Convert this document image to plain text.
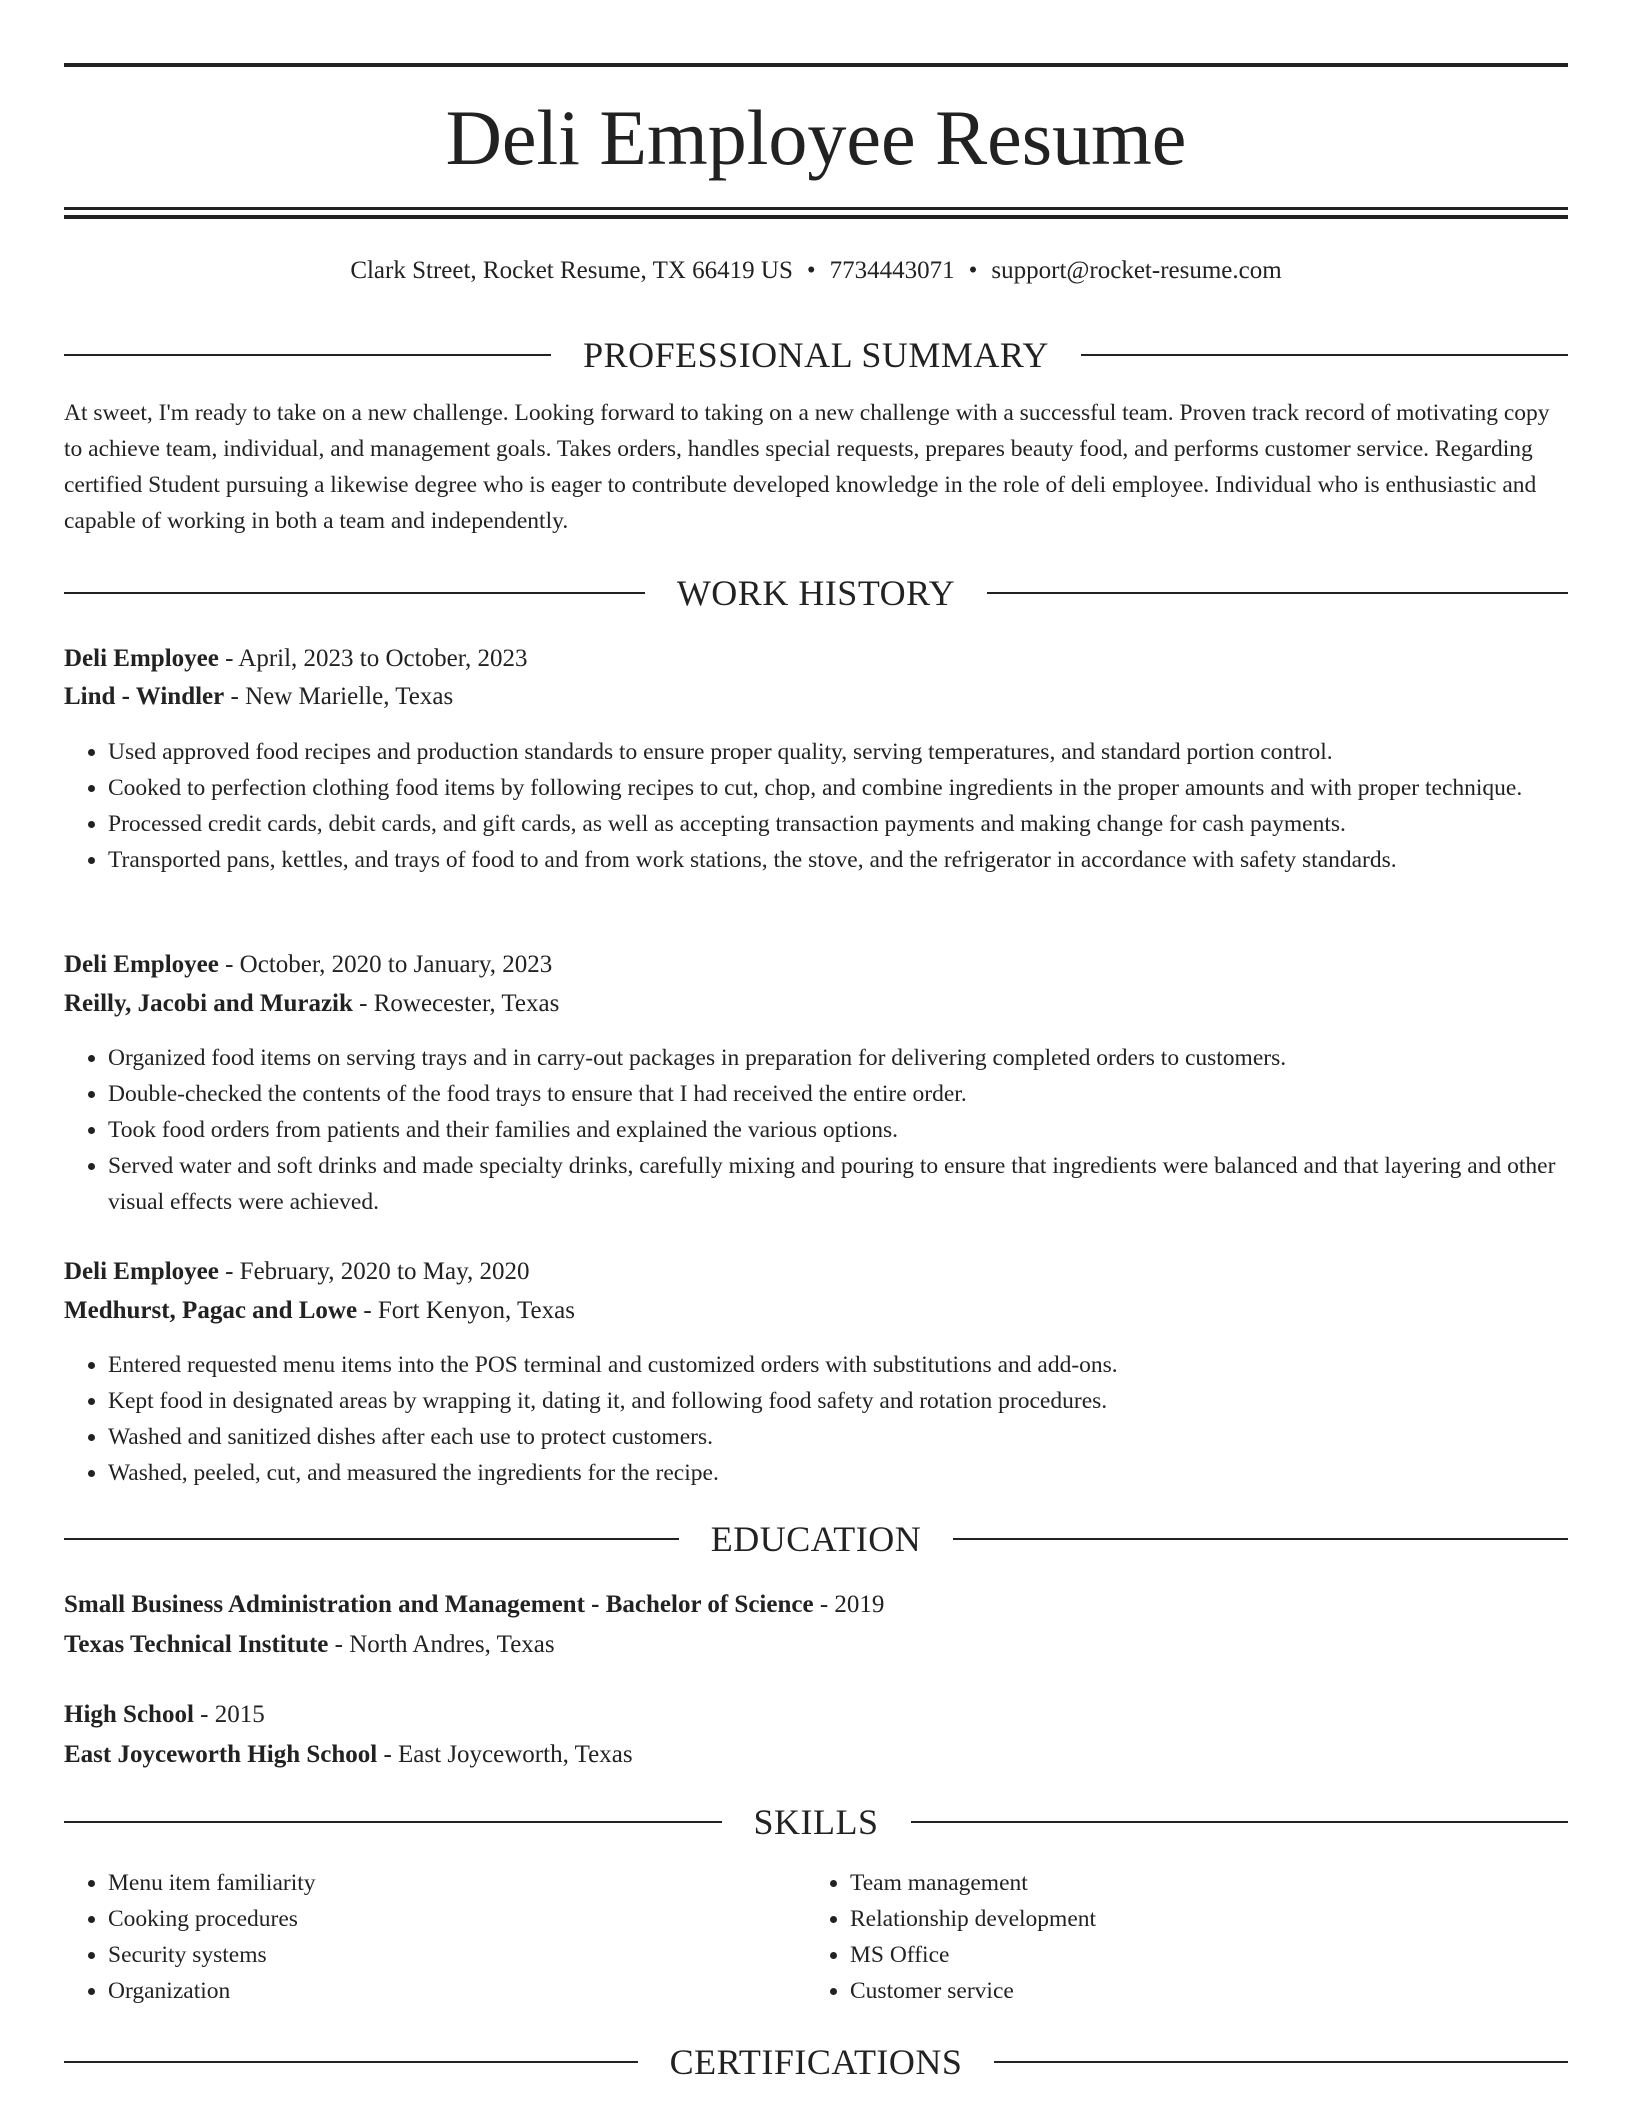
Deli Employee Resume
Clark Street, Rocket Resume, TX 66419 US • 7734443071 • support@rocket-resume.com
PROFESSIONAL SUMMARY

At sweet, I'm ready to take on a new challenge. Looking forward to taking on a new challenge with a successful team. Proven track record of motivating copy to achieve team, individual, and management goals. Takes orders, handles special requests, prepares beauty food, and performs customer service. Regarding certified Student pursuing a likewise degree who is eager to contribute developed knowledge in the role of deli employee. Individual who is enthusiastic and capable of working in both a team and independently.

WORK HISTORY
Deli Employee - April, 2023 to October, 2023
Lind - Windler - New Marielle, Texas
• Used approved food recipes and production standards to ensure proper quality, serving temperatures, and standard portion control.
• Cooked to perfection clothing food items by following recipes to cut, chop, and combine ingredients in the proper amounts and with proper technique.
• Processed credit cards, debit cards, and gift cards, as well as accepting transaction payments and making change for cash payments.
• Transported pans, kettles, and trays of food to and from work stations, the stove, and the refrigerator in accordance with safety standards.
Deli Employee - October, 2020 to January, 2023
Reilly, Jacobi and Murazik - Rowecester, Texas
• Organized food items on serving trays and in carry-out packages in preparation for delivering completed orders to customers.
• Double-checked the contents of the food trays to ensure that I had received the entire order.
• Took food orders from patients and their families and explained the various options.
• Served water and soft drinks and made specialty drinks, carefully mixing and pouring to ensure that ingredients were balanced and that layering and other visual effects were achieved.
Deli Employee - February, 2020 to May, 2020
Medhurst, Pagac and Lowe - Fort Kenyon, Texas
• Entered requested menu items into the POS terminal and customized orders with substitutions and add-ons.
• Kept food in designated areas by wrapping it, dating it, and following food safety and rotation procedures.
• Washed and sanitized dishes after each use to protect customers.
• Washed, peeled, cut, and measured the ingredients for the recipe.
EDUCATION
Small Business Administration and Management - Bachelor of Science - 2019
Texas Technical Institute - North Andres, Texas
High School - 2015
East Joyceworth High School - East Joyceworth, Texas
SKILLS
• Menu item familiarity
• Cooking procedures
• Security systems
• Organization
• Team management
• Relationship development
• MS Office
• Customer service
CERTIFICATIONS
